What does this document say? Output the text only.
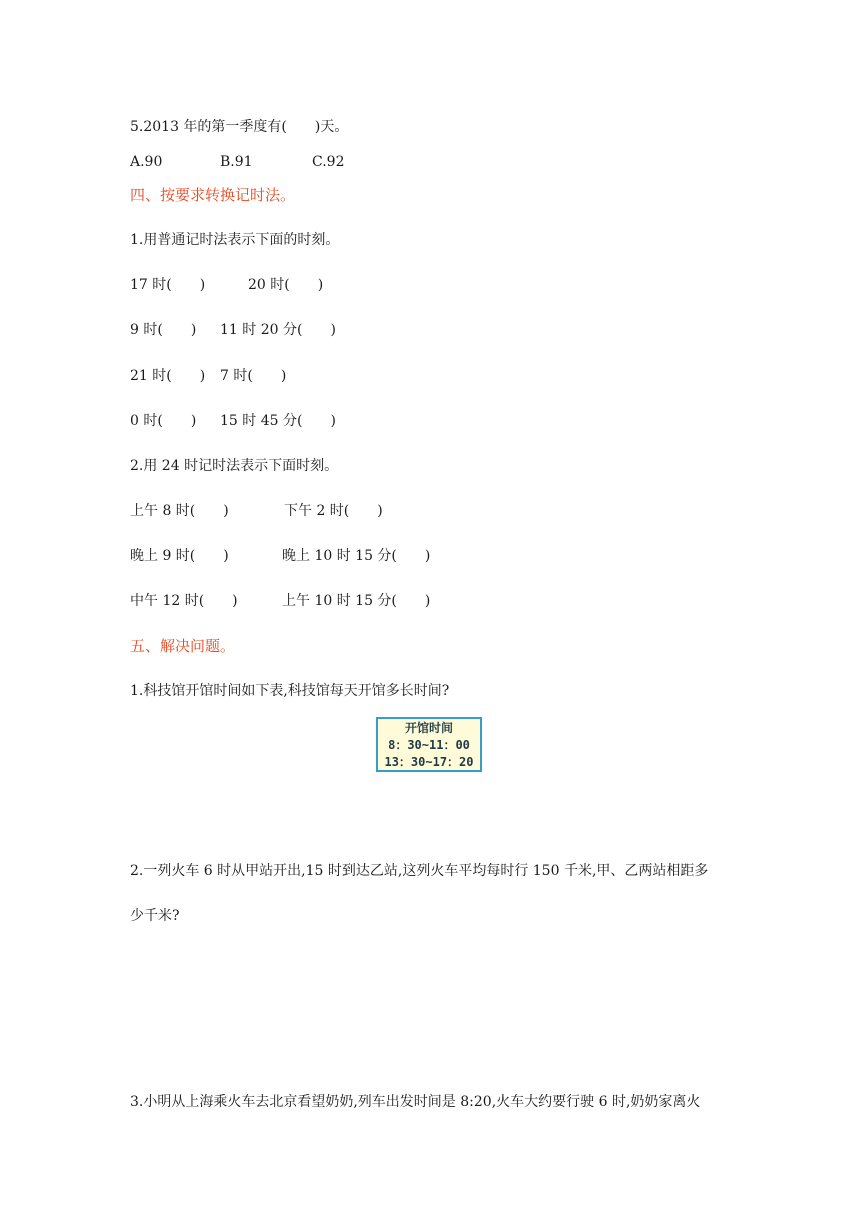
5.2013 年的第一季度有(　　)天。
A.90	B.91	C.92
四、按要求转换记时法。
1.用普通记时法表示下面的时刻。
17 时(　　)	20 时(　　)
9 时(　　) 11 时 20 分(　　)
21 时(　　) 7 时(　　)
0 时(　　) 15 时 45 分(　　)
2.用 24 时记时法表示下面时刻。
上午 8 时(　　)	下午 2 时(　　)
晚上 9 时(　　)	晚上 10 时 15 分(　　)
中午 12 时(　　)	上午 10 时 15 分(　　)
五、解决问题。
1.科技馆开馆时间如下表,科技馆每天开馆多长时间?
开馆时间
8：30~11：00
13：30~17：20
2.一列火车 6 时从甲站开出,15 时到达乙站,这列火车平均每时行 150 千米,甲、乙两站相距多
少千米?
3.小明从上海乘火车去北京看望奶奶,列车出发时间是 8:20,火车大约要行驶 6 时,奶奶家离火
